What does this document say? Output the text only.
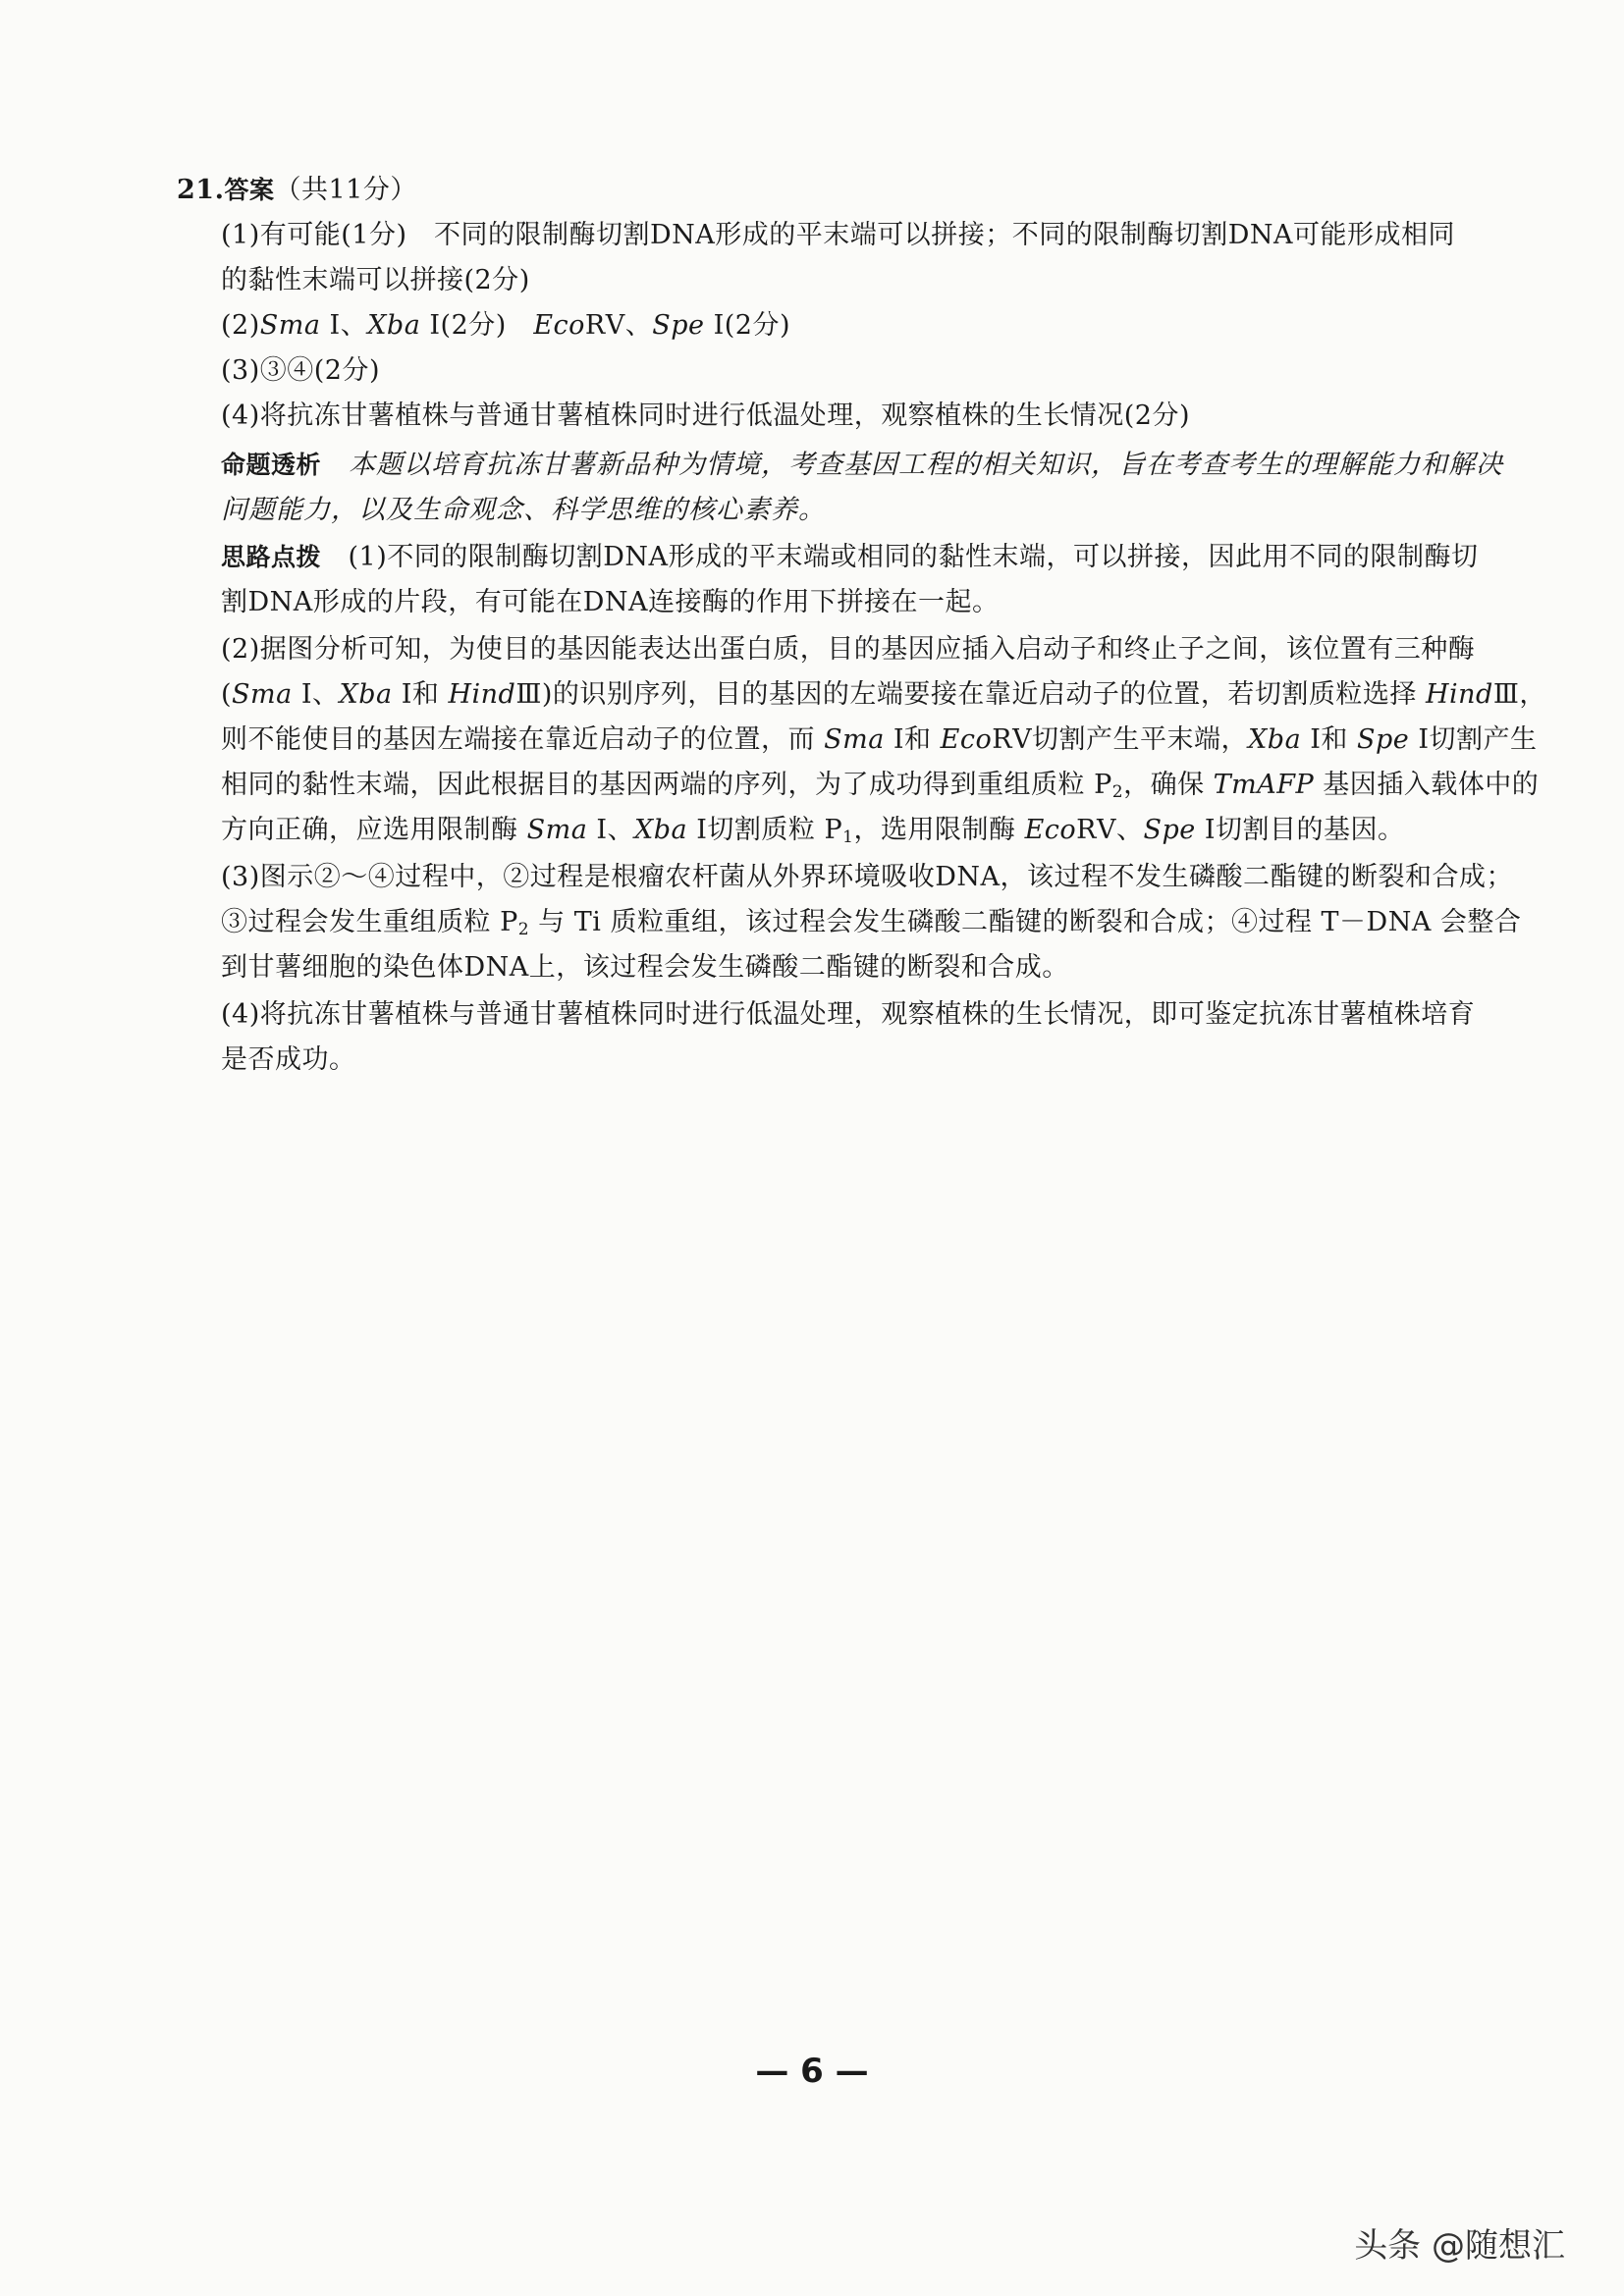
21.答案（共11分）
(1)有可能(1分)　不同的限制酶切割DNA形成的平末端可以拼接；不同的限制酶切割DNA可能形成相同
的黏性末端可以拼接(2分)
(2)Sma Ⅰ、Xba Ⅰ(2分)　EcoRⅤ、Spe Ⅰ(2分)
(3)③④(2分)
(4)将抗冻甘薯植株与普通甘薯植株同时进行低温处理，观察植株的生长情况(2分)
命题透析　本题以培育抗冻甘薯新品种为情境，考查基因工程的相关知识，旨在考查考生的理解能力和解决
问题能力，以及生命观念、科学思维的核心素养。
思路点拨　(1)不同的限制酶切割DNA形成的平末端或相同的黏性末端，可以拼接，因此用不同的限制酶切
割DNA形成的片段，有可能在DNA连接酶的作用下拼接在一起。
(2)据图分析可知，为使目的基因能表达出蛋白质，目的基因应插入启动子和终止子之间，该位置有三种酶
(Sma Ⅰ、Xba Ⅰ和 HindⅢ)的识别序列，目的基因的左端要接在靠近启动子的位置，若切割质粒选择 HindⅢ，
则不能使目的基因左端接在靠近启动子的位置，而 Sma Ⅰ和 EcoRⅤ切割产生平末端，Xba Ⅰ和 Spe Ⅰ切割产生
相同的黏性末端，因此根据目的基因两端的序列，为了成功得到重组质粒 $P_2$，确保 TmAFP 基因插入载体中的
方向正确，应选用限制酶 Sma Ⅰ、Xba Ⅰ切割质粒 $P_1$，选用限制酶 EcoRⅤ、Spe Ⅰ切割目的基因。
(3)图示②～④过程中，②过程是根瘤农杆菌从外界环境吸收DNA，该过程不发生磷酸二酯键的断裂和合成；
③过程会发生重组质粒 $P_2$ 与 Ti 质粒重组，该过程会发生磷酸二酯键的断裂和合成；④过程 T－DNA 会整合
到甘薯细胞的染色体DNA上，该过程会发生磷酸二酯键的断裂和合成。
(4)将抗冻甘薯植株与普通甘薯植株同时进行低温处理，观察植株的生长情况，即可鉴定抗冻甘薯植株培育
是否成功。
— 6 —
头条 @随想汇
